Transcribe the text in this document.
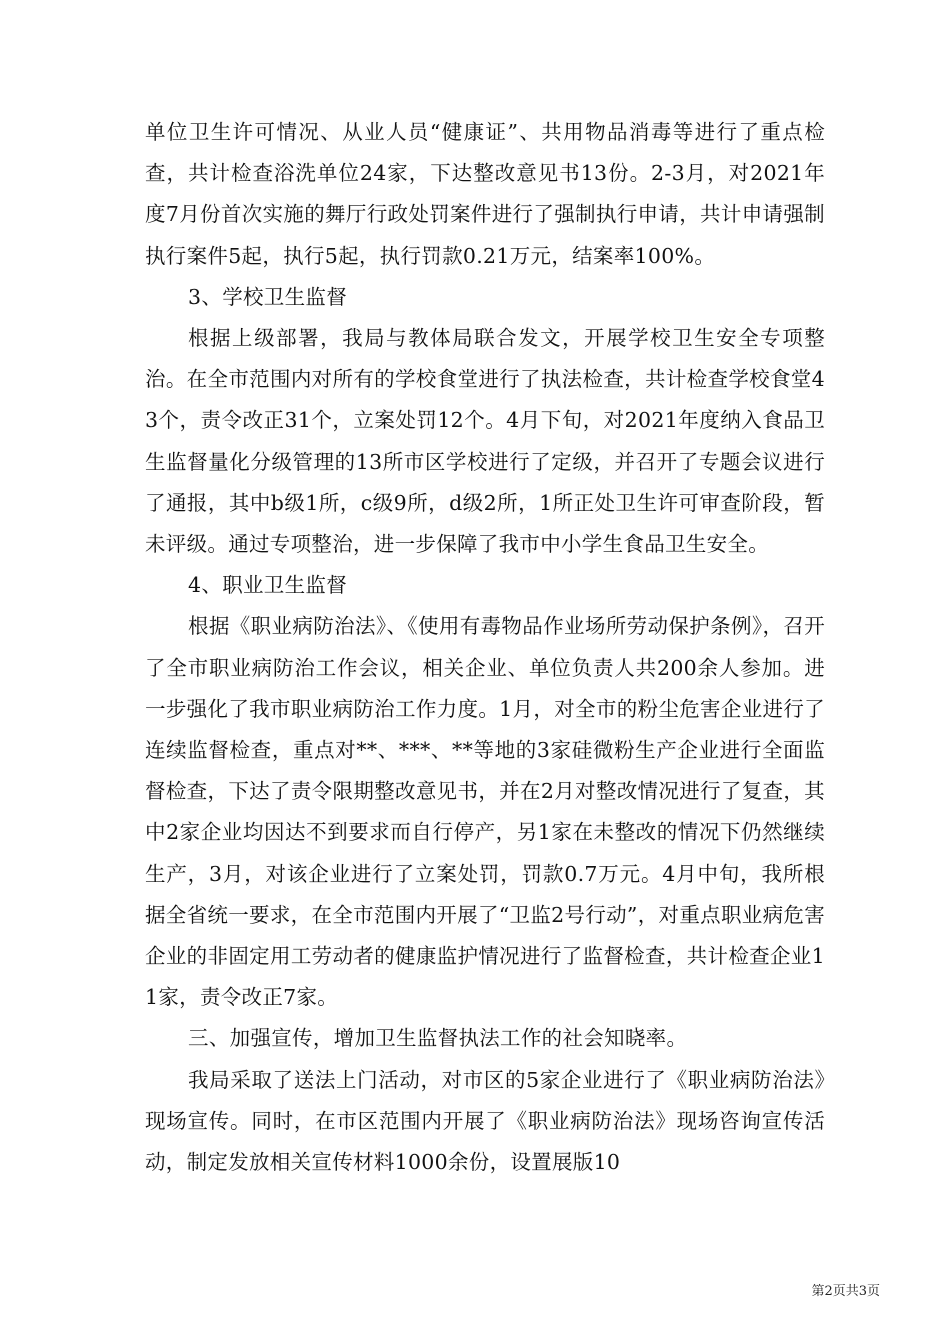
单位卫生许可情况、从业人员“健康证”、共用物品消毒等进行了重点检查，共计检查浴洗单位24家，下达整改意见书13份。2-3月，对2021年度7月份首次实施的舞厅行政处罚案件进行了强制执行申请，共计申请强制执行案件5起，执行5起，执行罚款0.21万元，结案率100%。

3、学校卫生监督

根据上级部署，我局与教体局联合发文，开展学校卫生安全专项整治。在全市范围内对所有的学校食堂进行了执法检查，共计检查学校食堂43个，责令改正31个，立案处罚12个。4月下旬，对2021年度纳入食品卫生监督量化分级管理的13所市区学校进行了定级，并召开了专题会议进行了通报，其中b级1所，c级9所，d级2所，1所正处卫生许可审查阶段，暂未评级。通过专项整治，进一步保障了我市中小学生食品卫生安全。

4、职业卫生监督

根据《职业病防治法》、《使用有毒物品作业场所劳动保护条例》，召开了全市职业病防治工作会议，相关企业、单位负责人共200余人参加。进一步强化了我市职业病防治工作力度。1月，对全市的粉尘危害企业进行了连续监督检查，重点对**、***、**等地的3家硅微粉生产企业进行全面监督检查，下达了责令限期整改意见书，并在2月对整改情况进行了复查，其中2家企业均因达不到要求而自行停产，另1家在未整改的情况下仍然继续生产，3月，对该企业进行了立案处罚，罚款0.7万元。4月中旬，我所根据全省统一要求，在全市范围内开展了“卫监2号行动”，对重点职业病危害企业的非固定用工劳动者的健康监护情况进行了监督检查，共计检查企业11家，责令改正7家。

三、加强宣传，增加卫生监督执法工作的社会知晓率。

我局采取了送法上门活动，对市区的5家企业进行了《职业病防治法》现场宣传。同时，在市区范围内开展了《职业病防治法》现场咨询宣传活动，制定发放相关宣传材料1000余份，设置展版10

第2页共3页
